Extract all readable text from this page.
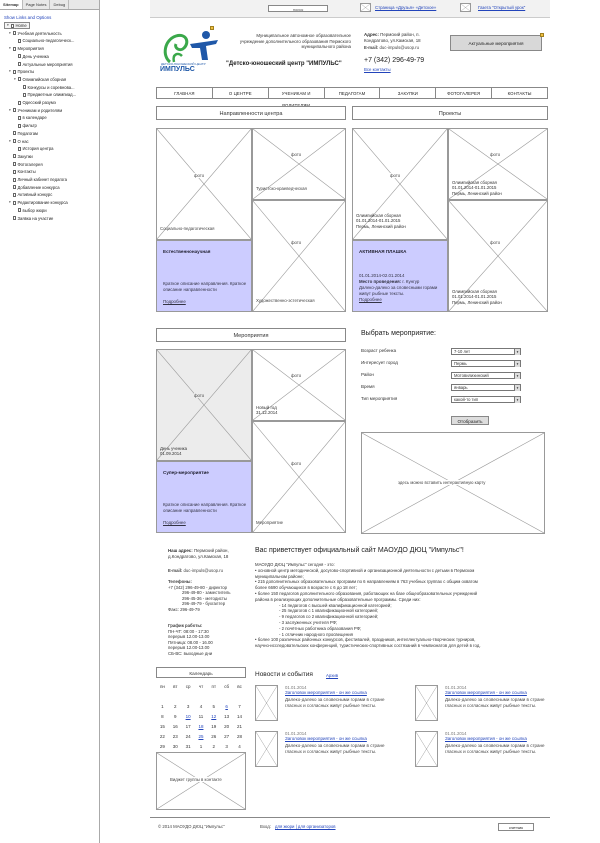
Sitemap	Page Notes	Debug
Show Links and Options
▾	Home
▾	Учебная деятельность
Социально-педагогическ...
▾	Мероприятия
День ученика
Актуальные мероприятия
▾	Проекты
▾	Олимпийская сборная
Конкурсы и соревнова...
Предметные олимпиад...
Одесский разумэ
▾	Ученикам и родителям
в календаре
фильтр
Педагогам
▾	О нас
История центра
Закупки
Фотогалерея
Контакты
Личный кабинет педагога
Добавление конкурса
Активный конкурс
▾	Редактирование конкурса
выбор жюри
Заявка на участие
поиск	Страница «Друзья» «Детское»	Газета "Открытый урок"
ДЕТСКО-ЮНОШЕСКИЙ ЦЕНТР
ИМПУЛЬС
Муниципальное автономное образовательное учреждение дополнительного образования Пермского муниципального района
"Детско-юношеский центр "ИМПУЛЬС"
Адрес: Пермский район, п. Кондратово, ул.Камская, 18
E-mail: duc-impuls@usop.ru
+7 (342) 296-49-79
Все контакты
Актуальные мероприятия
ГЛАВНАЯ	О ЦЕНТРЕ	УЧЕНИКАМ И	ПЕДАГОГАМ	ЗАКУПКИ	ФОТОГАЛЕРЕЯ	КОНТАКТЫ
Направленности центра
фото
Социально-педагогическая
фото
Туристско-краеведческая
фото
Художественно-эстетическая
Естественнонаучная
Краткое описание направления. Краткое описание направленности
Подробнее
Проекты
фото
Олимпийская сборная
01.01.2014-01.01.2015
Пермь, Ленинский район
фото
Олимпийская сборная
01.01.2014-01.01.2015
Пермь, Ленинский район
фото
Олимпийская сборная
01.01.2014-01.01.2015
Пермь, Ленинский район
АКТИВНАЯ ПЛАШКА
01.01.2014-02.01.2014
Место проведения: г. Кунгур
Далеко-далеко за словесными горами живут рыбные тексты.
Подробнее
Мероприятия
фото
День ученика
01.09.2014
фото
Новый год
31.12.2014
фото
Мероприятие
Супер-мероприятие
Краткое описание направления. Краткое описание направленности
Подробнее
Выбрать мероприятие:
Возраст ребенка	7-10 лет	▾
Интересует город	Пермь	▾
Район	Мотовилихинский	▾
Время	январь	▾
Тип мероприятия	какой-то тип	▾
Отобразить
здесь можно вставить интерактивную карту
Наш адрес: Пермский район, д.Кондратово, ул.Камская, 18
E-mail: duc-impuls@usop.ru
Телефоны:
+7 (342) 296-49-80 - директор
296-49-80 - заместитель
296-45-36 - методисты
296-49-79 - бухгалтер
Факс: 296-49-79
График работы:
ПН-ЧТ: 08:00 - 17:30
перерыв 12.00-13.00
Пятница: 08.00 - 16.00
перерыв 12.00-13.00
СБ-ВС: выходные дни
Вас приветствует официальный сайт МАОУДО ДЮЦ "Импульс"!
МАОУДО ДЮЦ "Импульс" сегодня - это:
• основной центр методической, досугово-спортивной и организационной деятельности с детьми в Пермском
муниципальном районе;
• 215 дополнительных образовательных программ по 6 направлениям в 763 учебных группах с общим охватом
более 6690 обучающихся в возрасте с 6 до 18 лет;
• более 150 педагогов дополнительного образования, работающих на базе общеобразовательных учреждений
района в реализующих дополнительные образовательные программы. Среди них:
- 14 педагогов с высшей квалификационной категорией;
- 25 педагогов с 1 квалификационной категорией;
- 9 педагогов со 2 квалификационной категорией;
- 3 заслуженных учителя РФ;
- 2 почётных работника образования РФ;
- 1 отличник народного просвещения
• более 100 различных районных конкурсов, фестивалей, праздников, интеллектуально-творческих турниров,
научно-исследовательских конференций, туристических-спортивных состязаний в чемпионатов для детей в год.
Календарь
пн	вт	ср	чт	пт	сб	вс

1	2	3	4	5	6	7
8	9	10	11	12	13	14
15	16	17	18	19	20	21
22	23	24	25	26	27	28
29	30	31	1	2	3	4
Новости и события	Архив
01.01.2014
Заголовок мероприятия - он же ссылка
Далеко-далеко за словесными горами в стране гласных и согласных живут рыбные тексты.
01.01.2014
Заголовок мероприятия - он же ссылка
Далеко-далеко за словесными горами в стране гласных и согласных живут рыбные тексты.
01.01.2014
Заголовок мероприятия - он же ссылка
Далеко-далеко за словесными горами в стране гласных и согласных живут рыбные тексты.
01.01.2014
Заголовок мероприятия - он же ссылка
Далеко-далеко за словесными горами в стране гласных и согласных живут рыбные тексты.
Виджет группы в контакте
© 2014 МАОУДО ДЮЦ "Импульс"	Вход: для жюри | для организаторов	счетчик
